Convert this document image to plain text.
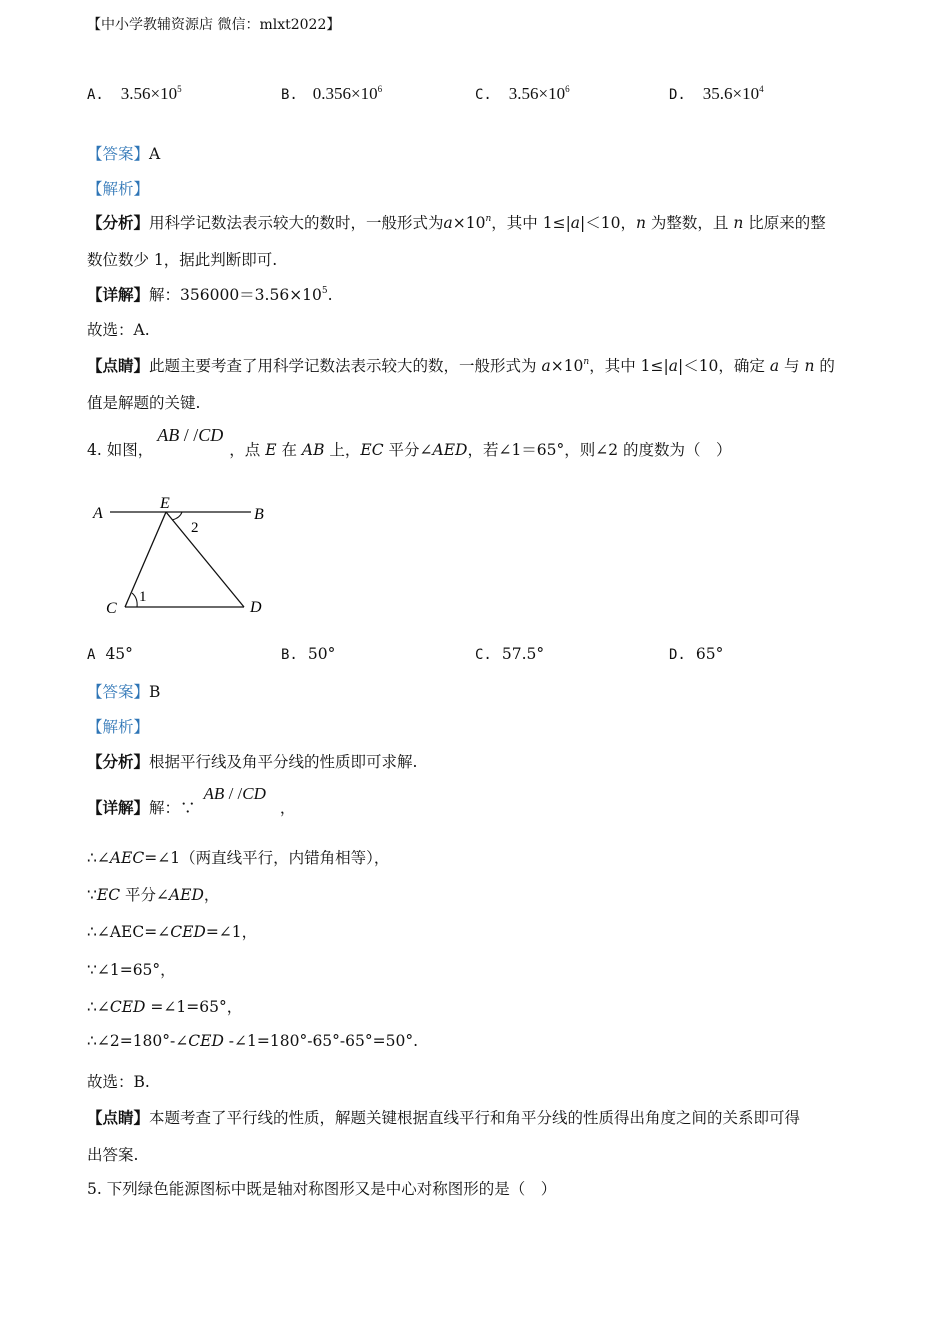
【中小学教辅资源店 微信：mlxt2022】
A. $3.56\times 10^5$	B. $0.356\times 10^6$	C. $3.56\times 10^6$	D. $35.6\times 10^4$
【答案】A
【解析】
【分析】用科学记数法表示较大的数时，一般形式为$a\times 10^n$，其中 1≤|a|＜10，n 为整数，且 n 比原来的整
数位数少 1，据此判断即可.
【详解】解：$356000=3.56\times 10^5$.
故选：A.
【点睛】此题主要考查了用科学记数法表示较大的数，一般形式为 $a\times 10^n$，其中 1≤|a|＜10，确定 a 与 n 的
值是解题的关键.
4. 如图，AB / /CD，点 E 在 AB 上，EC 平分∠AED，若∠1＝65°，则∠2 的度数为（　）
A
E
B
C	D
1
2
A 45°	B. 50°	C. 57.5°	D. 65°
【答案】B
【解析】
【分析】根据平行线及角平分线的性质即可求解.
【详解】解：∵AB / /CD，
∴∠AEC=∠1（两直线平行，内错角相等），
∵EC 平分∠AED，
∴∠AEC=∠CED=∠1，
∵∠1=65°，
∴∠CED =∠1=65°，
∴∠2=180°-∠CED -∠1=180°-65°-65°=50°.
故选：B.
【点睛】本题考查了平行线的性质，解题关键根据直线平行和角平分线的性质得出角度之间的关系即可得
出答案.
5. 下列绿色能源图标中既是轴对称图形又是中心对称图形的是（　）
